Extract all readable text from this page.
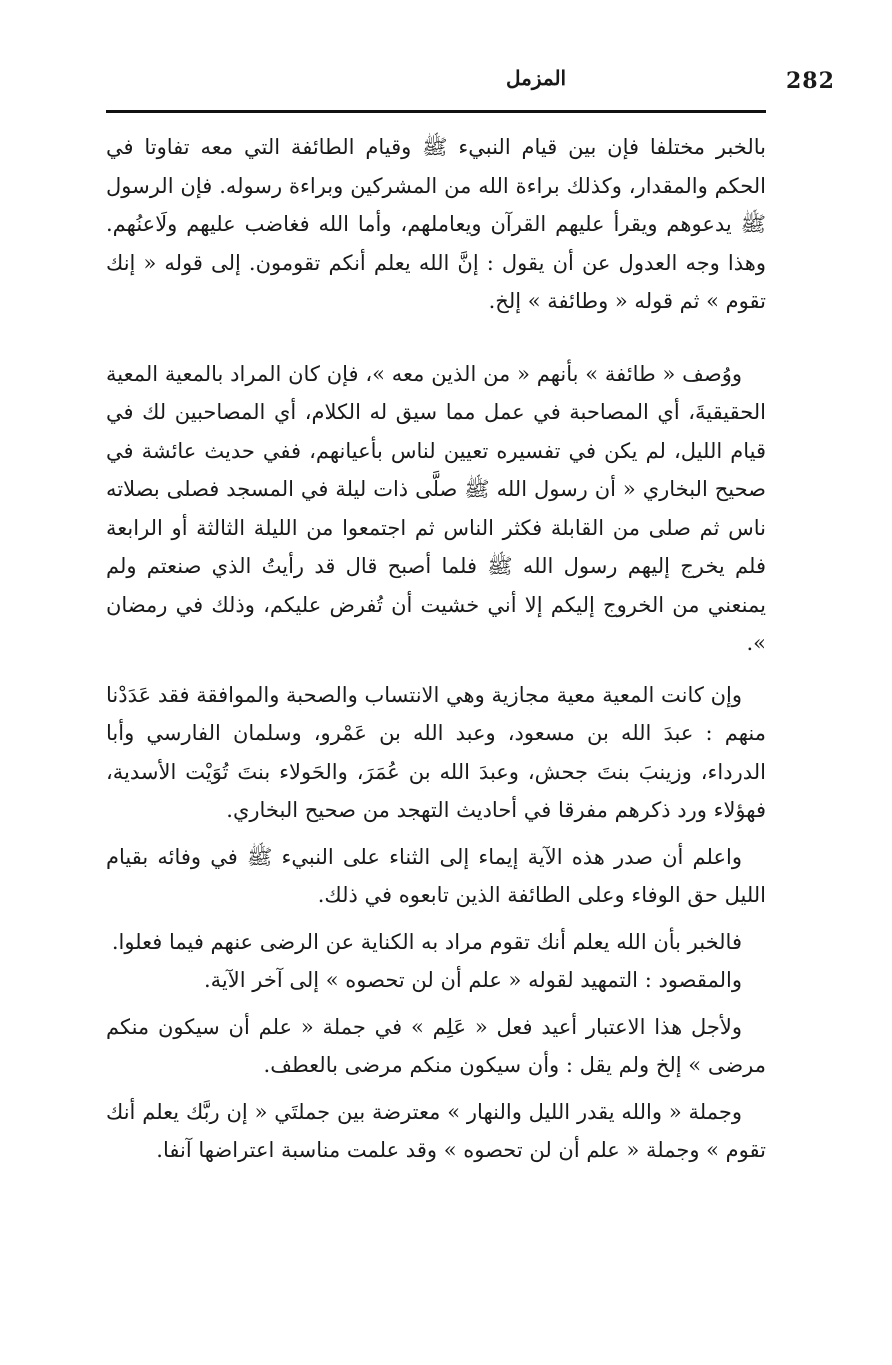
282
المزمل

بالخبر مختلفا فإن بين قيام النبيء ﷺ وقيام الطائفة التي معه تفاوتا في الحكم والمقدار، وكذلك براءة الله من المشركين وبراءة رسوله. فإن الرسول ﷺ يدعوهم ويقرأ عليهم القرآن ويعاملهم، وأما الله فغاضب عليهم ولَاعنُهم. وهذا وجه العدول عن أن يقول : إنَّ الله يعلم أنكم تقومون. إلى قوله « إنك تقوم » ثم قوله « وطائفة » إلخ.

ووُصف « طائفة » بأنهم « من الذين معه »، فإن كان المراد بالمعية المعية الحقيقيةَ، أي المصاحبة في عمل مما سيق له الكلام، أي المصاحبين لك في قيام الليل، لم يكن في تفسيره تعيين لناس بأعيانهم، ففي حديث عائشة في صحيح البخاري « أن رسول الله ﷺ صلَّى ذات ليلة في المسجد فصلى بصلاته ناس ثم صلى من القابلة فكثر الناس ثم اجتمعوا من الليلة الثالثة أو الرابعة فلم يخرج إليهم رسول الله ﷺ فلما أصبح قال قد رأيتُ الذي صنعتم ولم يمنعني من الخروج إليكم إلا أني خشيت أن تُفرض عليكم، وذلك في رمضان ».

وإن كانت المعية معية مجازية وهي الانتساب والصحبة والموافقة فقد عَدَدْنا منهم : عبدَ الله بن مسعود، وعبد الله بن عَمْرو، وسلمان الفارسي وأبا الدرداء، وزينبَ بنتَ جحش، وعبدَ الله بن عُمَرَ، والحَولاء بنتَ تُوَيْت الأسدية، فهؤلاء ورد ذكرهم مفرقا في أحاديث التهجد من صحيح البخاري.

واعلم أن صدر هذه الآية إيماء إلى الثناء على النبيء ﷺ في وفائه بقيام الليل حق الوفاء وعلى الطائفة الذين تابعوه في ذلك.

فالخبر بأن الله يعلم أنك تقوم مراد به الكناية عن الرضى عنهم فيما فعلوا.

والمقصود : التمهيد لقوله « علم أن لن تحصوه » إلى آخر الآية.

ولأجل هذا الاعتبار أعيد فعل « عَلِم » في جملة « علم أن سيكون منكم مرضى » إلخ ولم يقل : وأن سيكون منكم مرضى بالعطف.

وجملة « والله يقدر الليل والنهار » معترضة بين جملتَي « إن ربَّك يعلم أنك تقوم » وجملة « علم أن لن تحصوه » وقد علمت مناسبة اعتراضها آنفا.
